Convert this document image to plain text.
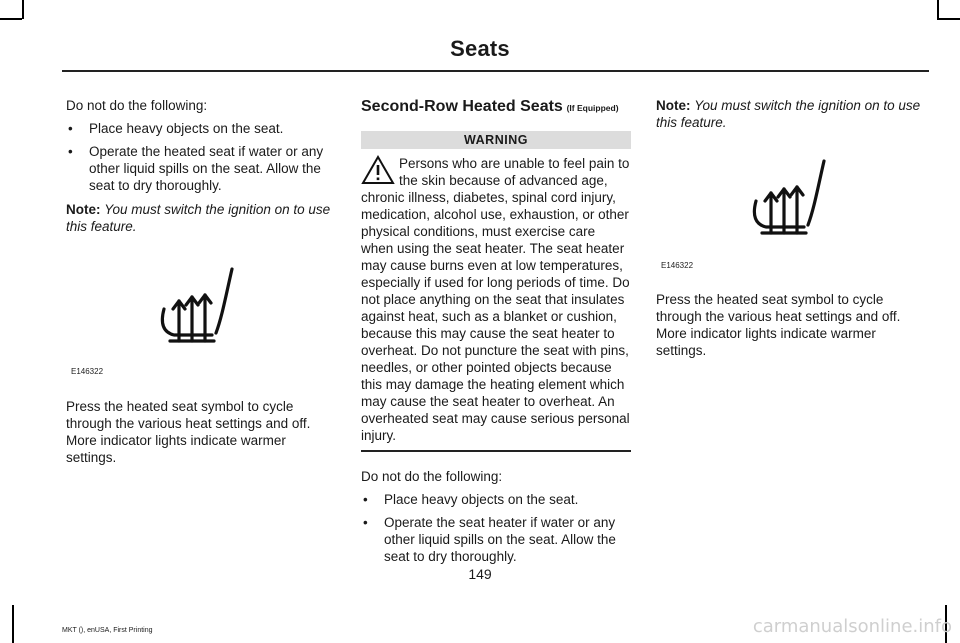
Seats

Do not do the following:

• Place heavy objects on the seat.
• Operate the heated seat if water or any other liquid spills on the seat. Allow the seat to dry thoroughly.

Note: You must switch the ignition on to use this feature.

E146322

Press the heated seat symbol to cycle through the various heat settings and off. More indicator lights indicate warmer settings.

Second-Row Heated Seats (If Equipped)

WARNING
Persons who are unable to feel pain to the skin because of advanced age, chronic illness, diabetes, spinal cord injury, medication, alcohol use, exhaustion, or other physical conditions, must exercise care when using the seat heater. The seat heater may cause burns even at low temperatures, especially if used for long periods of time. Do not place anything on the seat that insulates against heat, such as a blanket or cushion, because this may cause the seat heater to overheat. Do not puncture the seat with pins, needles, or other pointed objects because this may damage the heating element which may cause the seat heater to overheat. An overheated seat may cause serious personal injury.

Do not do the following:

• Place heavy objects on the seat.
• Operate the seat heater if water or any other liquid spills on the seat. Allow the seat to dry thoroughly.

Note: You must switch the ignition on to use this feature.

E146322

Press the heated seat symbol to cycle through the various heat settings and off. More indicator lights indicate warmer settings.

149
MKT (), enUSA, First Printing	carmanualsonline.info
